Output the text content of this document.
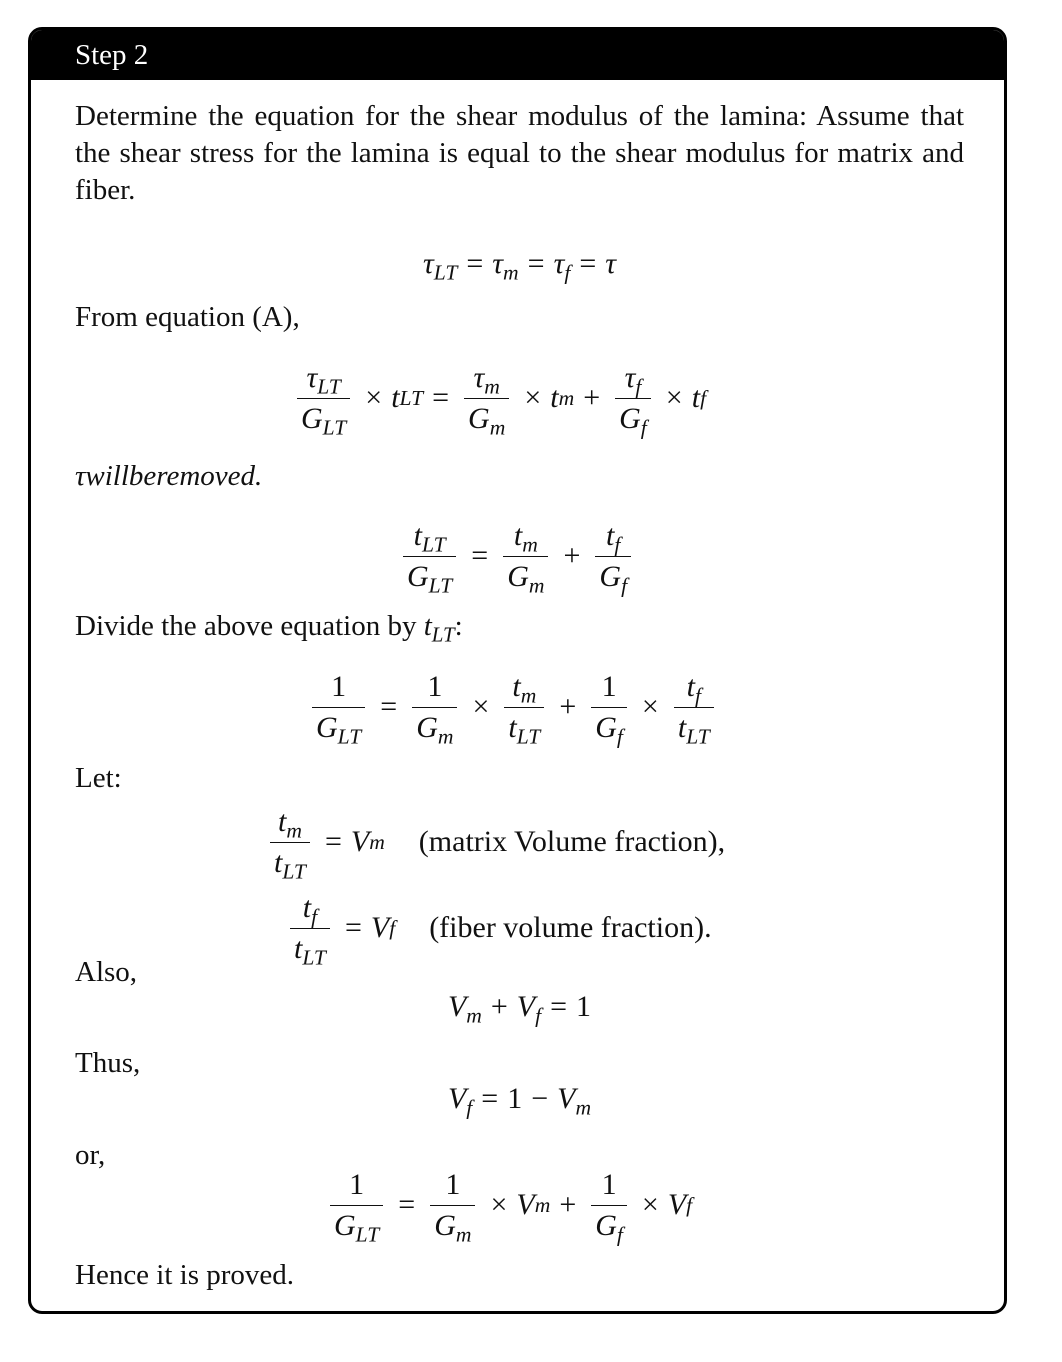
Step 2
Determine the equation for the shear modulus of the lamina: Assume that the shear stress for the lamina is equal to the shear modulus for matrix and fiber.
$\tau_{LT} = \tau_m = \tau_f = \tau$
From equation (A),
$\frac{\tau_{LT}}{G_{LT}} \times t$ LT = $\frac{\tau_m}{G_m} \times t$ $m + \frac{\tau_f}{G_f} \times t$ f
τwillberemoved.
$\frac{t_{LT}}{G_{LT}} = \frac{t_m}{G_m} + \frac{t_f}{G_f}$
Divide the above equation by $t_{LT}$:
$\frac{1}{G_{LT}} = \frac{1}{G_m} \times \frac{t_m}{t_{LT}} + \frac{1}{G_f} \times \frac{t_f}{t_{LT}}$
Let:
$\frac{t_m}{t_{LT}} = V$ m (matrix Volume fraction),
$\frac{t_f}{t_{LT}} = V$ f (fiber volume fraction).
Also,
$V_m + V_f = 1$
Thus,
$V_f = 1 - V_m$
or,
$\frac{1}{G_{LT}} = \frac{1}{G_m} \times V$ $m + \frac{1}{G_f} \times V$ f
Hence it is proved.
